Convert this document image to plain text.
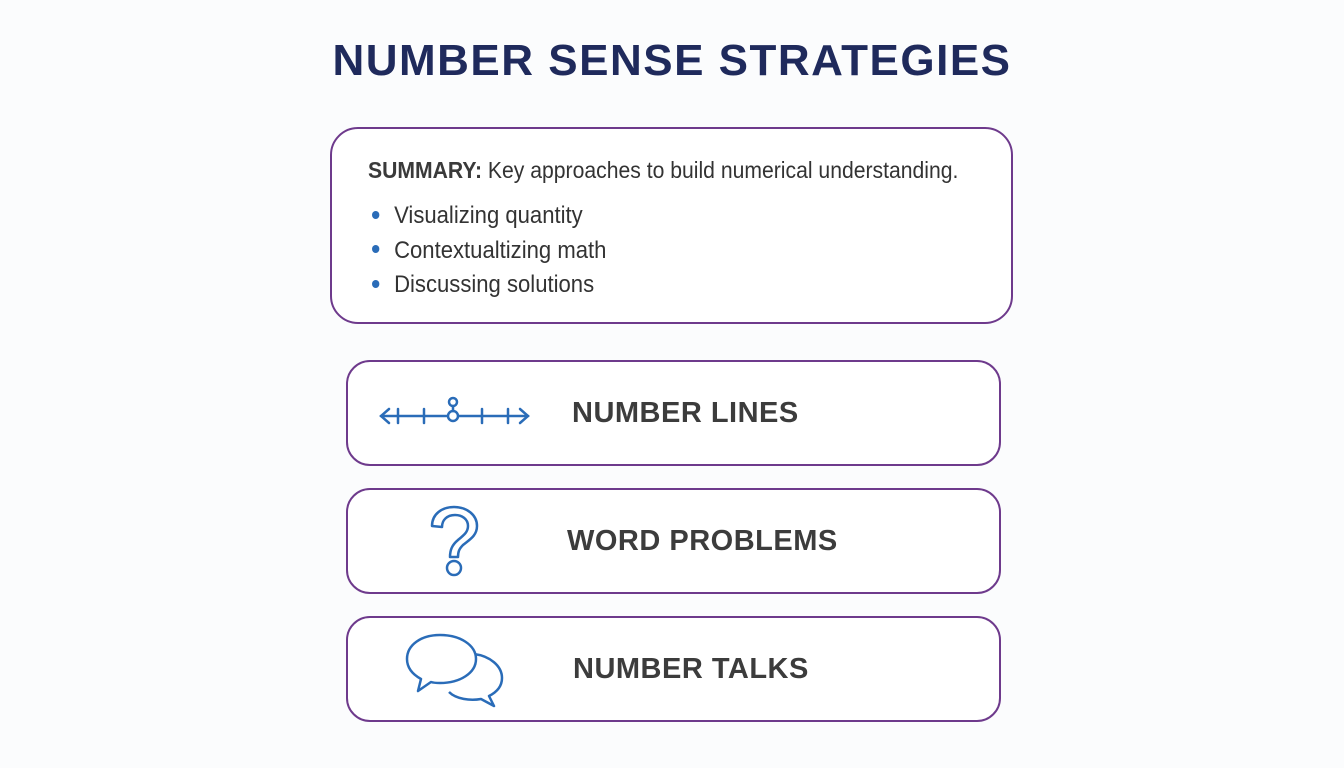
NUMBER SENSE STRATEGIES
SUMMARY: Key approaches to build numerical understanding.
Visualizing quantity
Contextualtizing math
Discussing solutions
NUMBER LINES
WORD PROBLEMS
NUMBER TALKS
